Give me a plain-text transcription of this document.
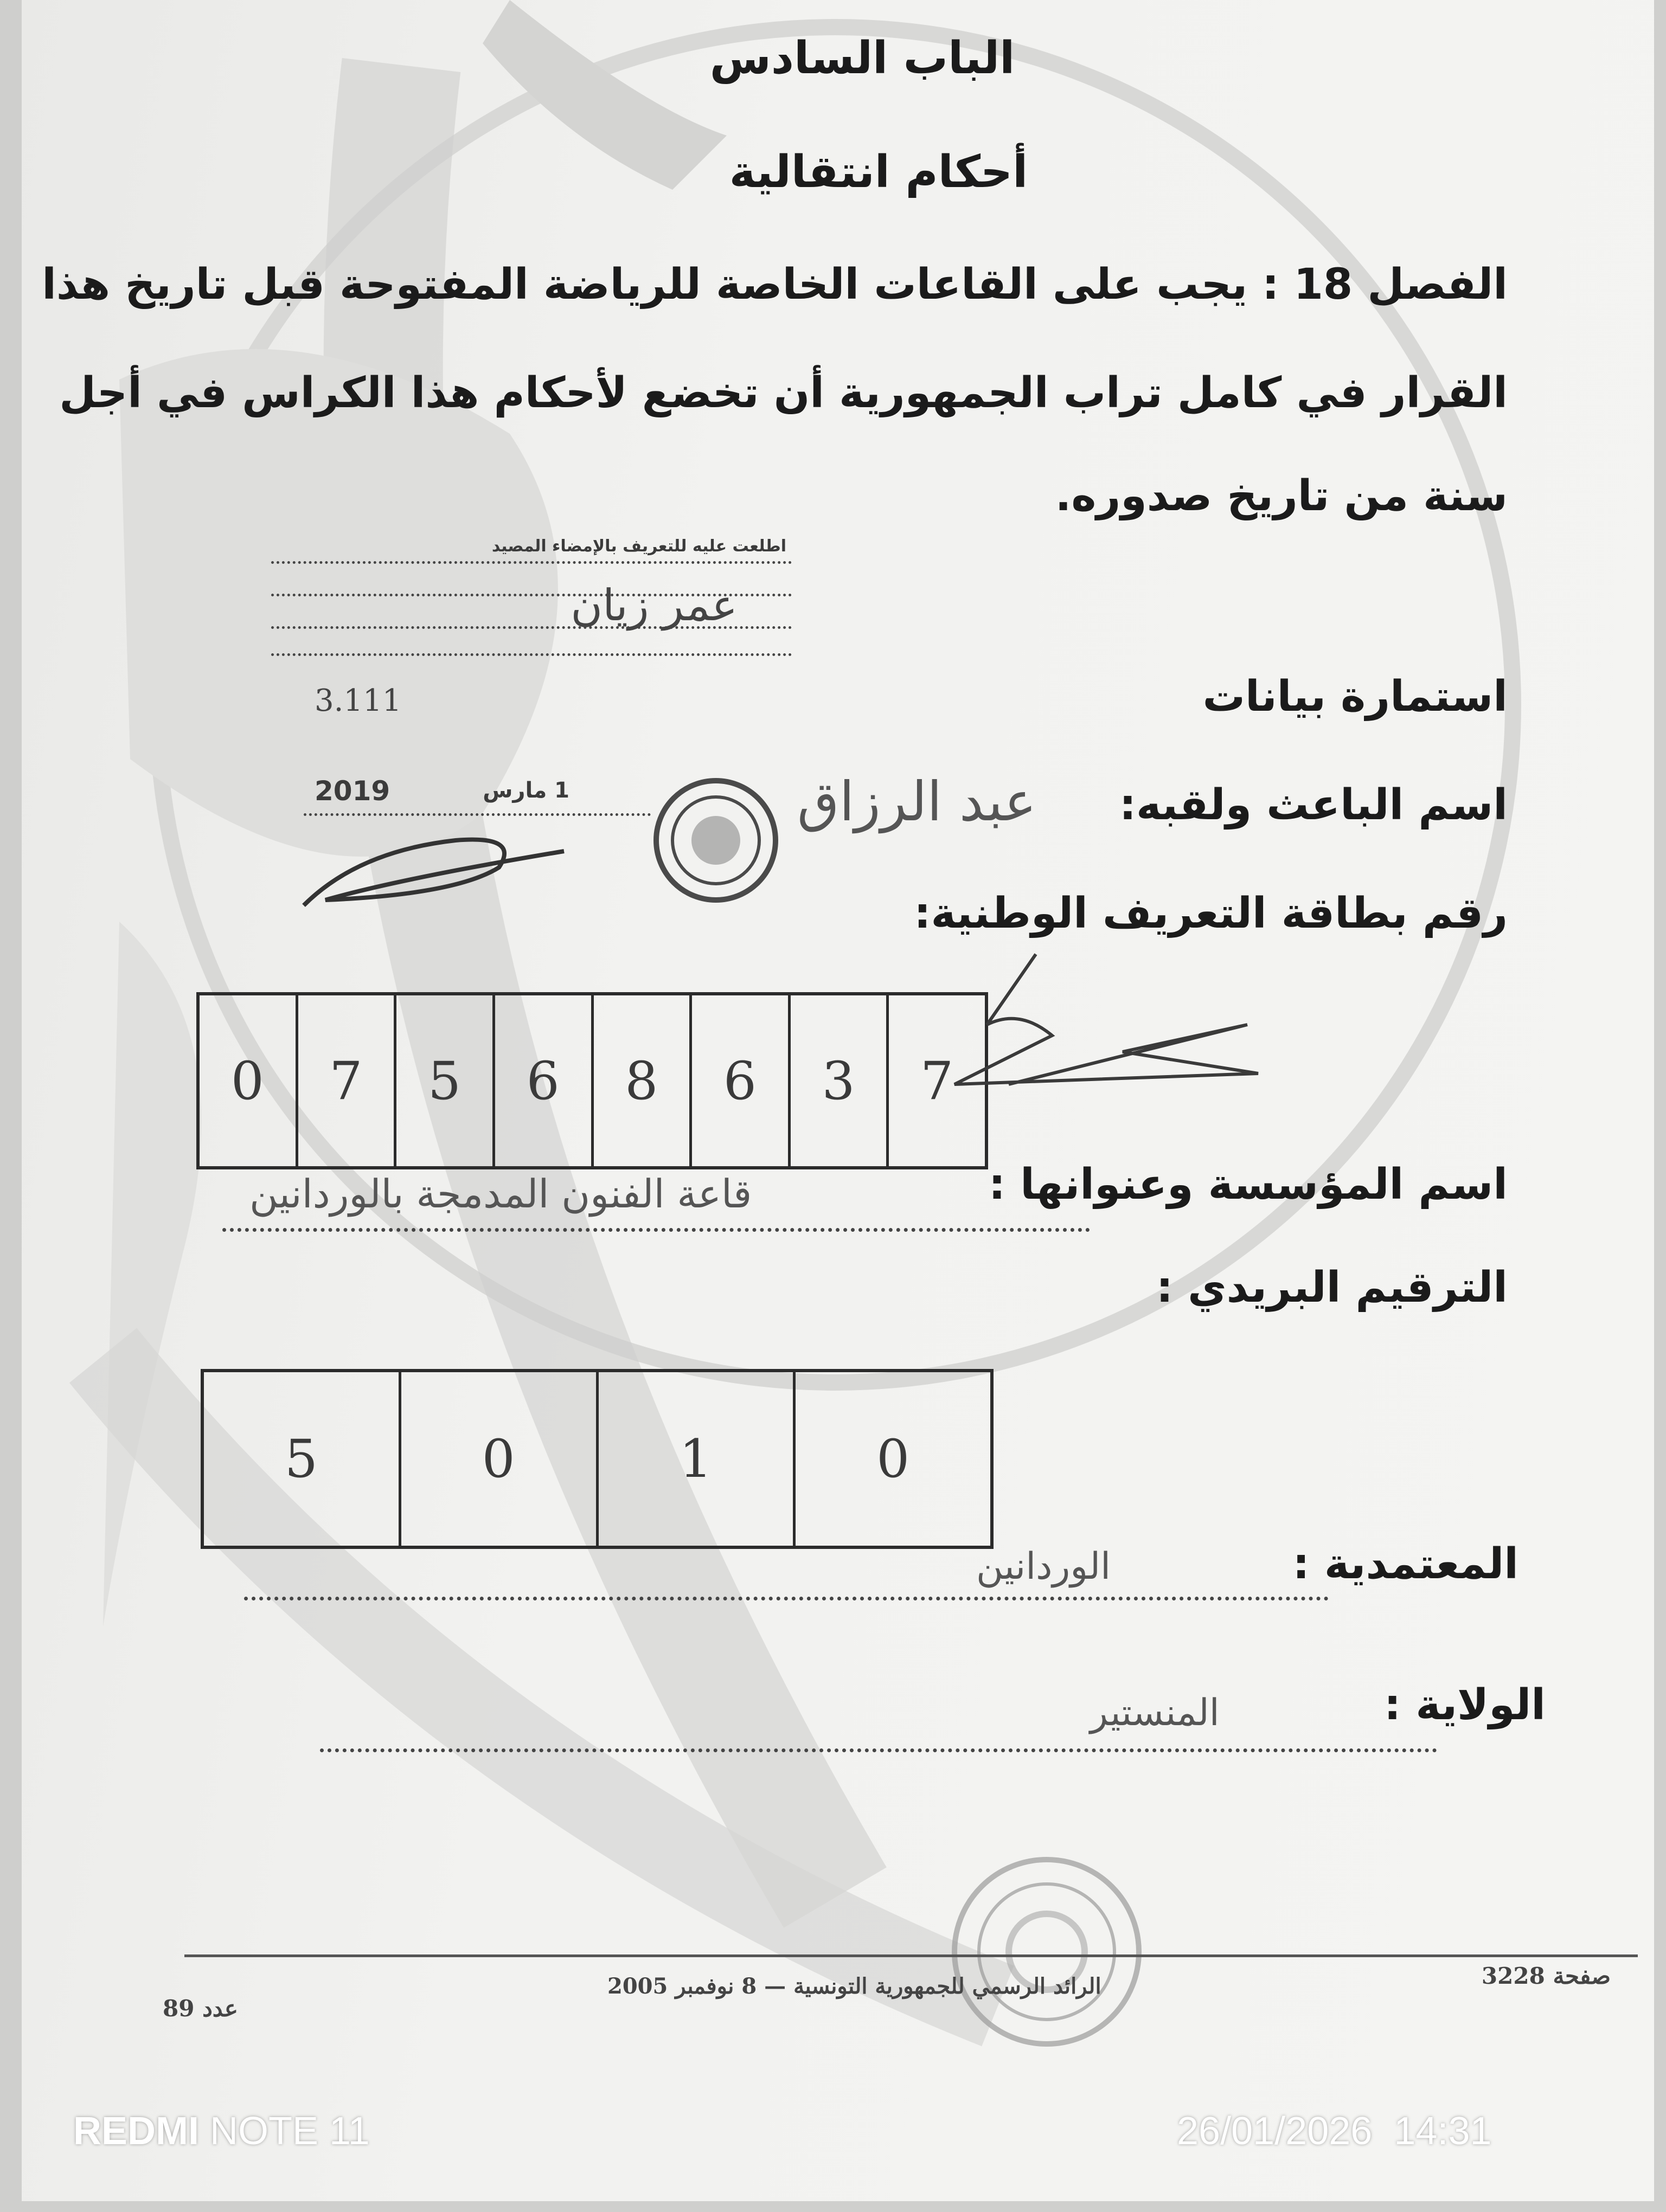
الباب السادس
أحكام انتقالية
الفصل 18 : يجب على القاعات الخاصة للرياضة المفتوحة قبل تاريخ هذا
القرار في كامل تراب الجمهورية أن تخضع لأحكام هذا الكراس في أجل
سنة من تاريخ صدوره.
اطلعت عليه للتعريف بالإمضاء المصيد
عمر زيان
3.111
1 مارس
2019
استمارة بيانات
اسم الباعث ولقبه:
عبد الرزاق
رقم بطاقة التعريف الوطنية:
0	7	5	6	8	6	3	7
اسم المؤسسة وعنوانها :
قاعة الفنون المدمجة بالوردانين
الترقيم البريدي :
5	0	1	0
المعتمدية :
الوردانين
الولاية :
المنستير
صفحة 3228
الرائد الرسمي للجمهورية التونسية — 8 نوفمبر 2005
عدد 89
REDMI NOTE 11	26/01/2026  14:31
